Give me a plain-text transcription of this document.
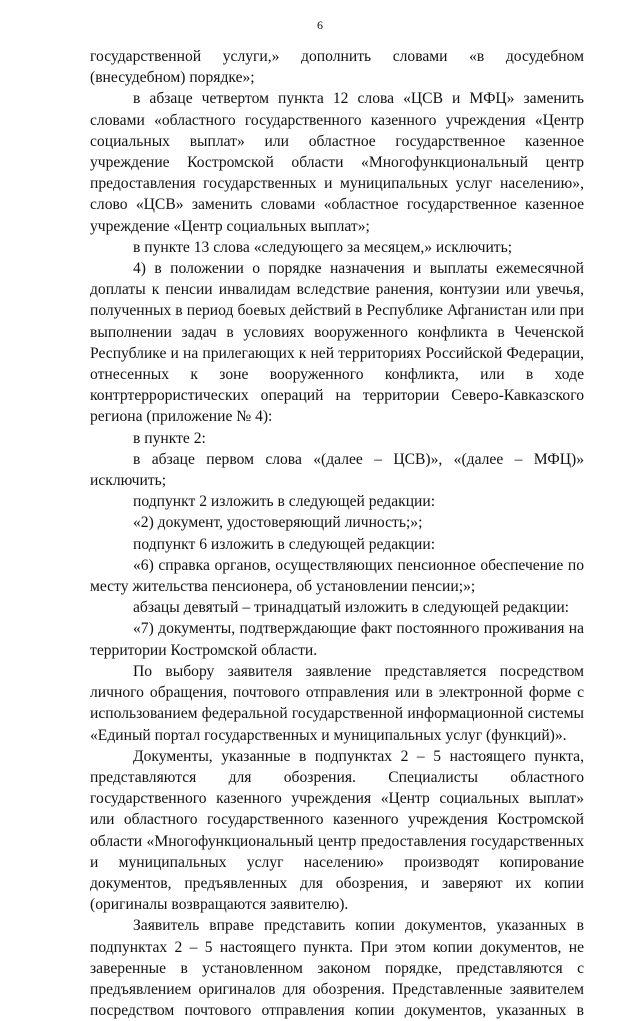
6

государственной услуги,» дополнить словами «в досудебном (внесудебном) порядке»;

в абзаце четвертом пункта 12 слова «ЦСВ и МФЦ» заменить словами «областного государственного казенного учреждения «Центр социальных выплат» или областное государственное казенное учреждение Костромской области «Многофункциональный центр предоставления государственных и муниципальных услуг населению», слово «ЦСВ» заменить словами «областное государственное казенное учреждение «Центр социальных выплат»;

в пункте 13 слова «следующего за месяцем,» исключить;

4) в положении о порядке назначения и выплаты ежемесячной доплаты к пенсии инвалидам вследствие ранения, контузии или увечья, полученных в период боевых действий в Республике Афганистан или при выполнении задач в условиях вооруженного конфликта в Чеченской Республике и на прилегающих к ней территориях Российской Федерации, отнесенных к зоне вооруженного конфликта, или в ходе контртеррористических операций на территории Северо-Кавказского региона (приложение № 4):

в пункте 2:

в абзаце первом слова «(далее – ЦСВ)», «(далее – МФЦ)» исключить;

подпункт 2 изложить в следующей редакции:

«2) документ, удостоверяющий личность;»;

подпункт 6 изложить в следующей редакции:

«6) справка органов, осуществляющих пенсионное обеспечение по месту жительства пенсионера, об установлении пенсии;»;

абзацы девятый – тринадцатый изложить в следующей редакции:

«7) документы, подтверждающие факт постоянного проживания на территории Костромской области.

По выбору заявителя заявление представляется посредством личного обращения, почтового отправления или в электронной форме с использованием федеральной государственной информационной системы «Единый портал государственных и муниципальных услуг (функций)».

Документы, указанные в подпунктах 2 – 5 настоящего пункта, представляются для обозрения. Специалисты областного государственного казенного учреждения «Центр социальных выплат» или областного государственного казенного учреждения Костромской области «Многофункциональный центр предоставления государственных и муниципальных услуг населению» производят копирование документов, предъявленных для обозрения, и заверяют их копии (оригиналы возвращаются заявителю).

Заявитель вправе представить копии документов, указанных в подпунктах 2 – 5 настоящего пункта. При этом копии документов, не заверенные в установленном законом порядке, представляются с предъявлением оригиналов для обозрения. Представленные заявителем посредством почтового отправления копии документов, указанных в
